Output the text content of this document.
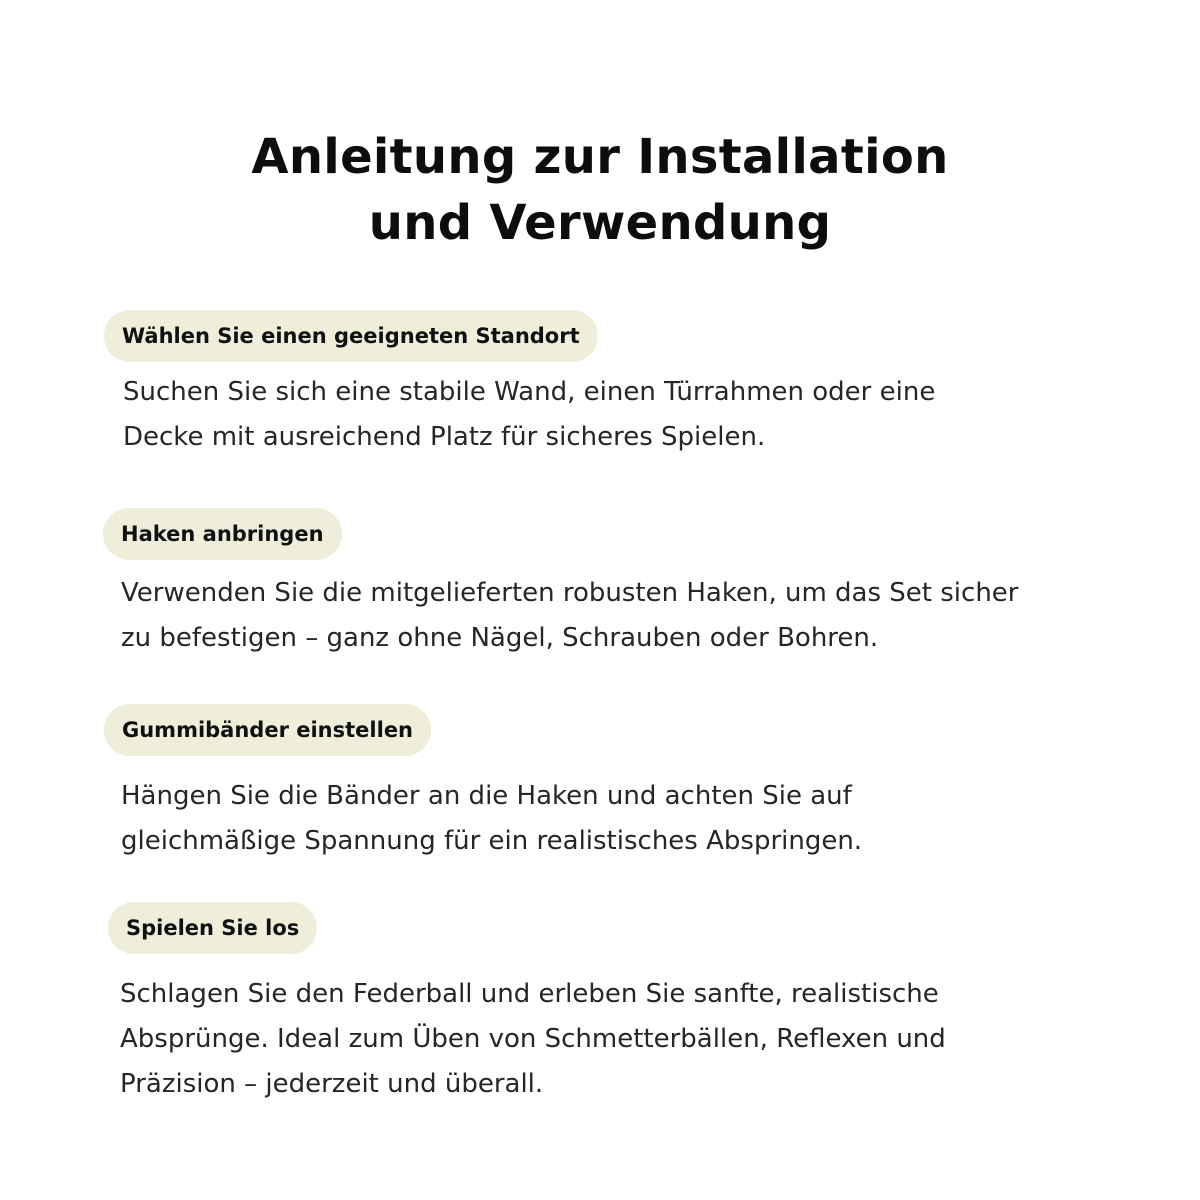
Anleitung zur Installation
und Verwendung
Wählen Sie einen geeigneten Standort

Suchen Sie sich eine stabile Wand, einen Türrahmen oder eine
Decke mit ausreichend Platz für sicheres Spielen.

Haken anbringen

Verwenden Sie die mitgelieferten robusten Haken, um das Set sicher
zu befestigen – ganz ohne Nägel, Schrauben oder Bohren.

Gummibänder einstellen

Hängen Sie die Bänder an die Haken und achten Sie auf
gleichmäßige Spannung für ein realistisches Abspringen.

Spielen Sie los

Schlagen Sie den Federball und erleben Sie sanfte, realistische
Absprünge. Ideal zum Üben von Schmetterbällen, Reflexen und
Präzision – jederzeit und überall.
